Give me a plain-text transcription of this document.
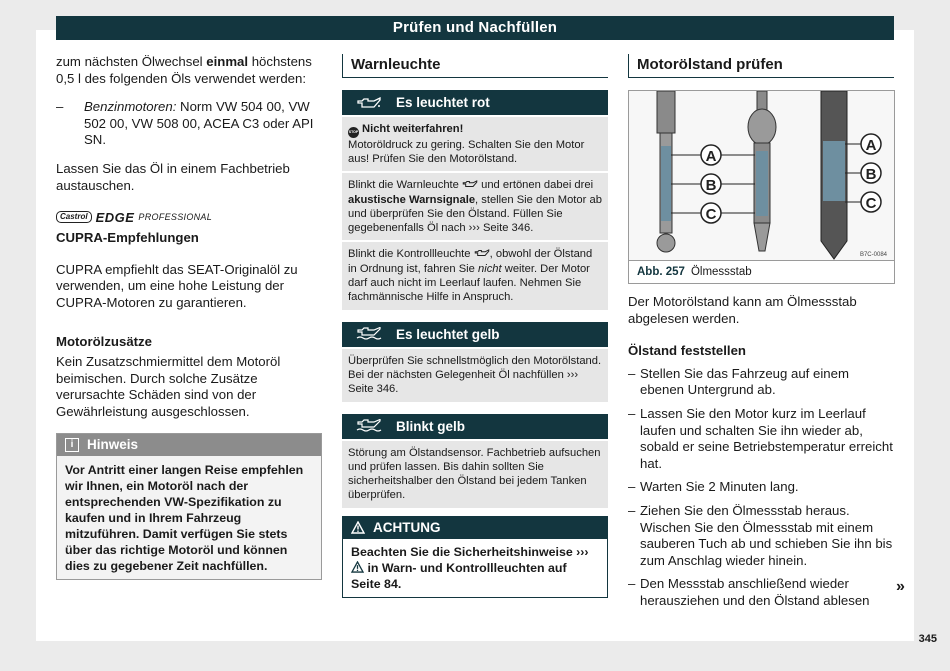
Prüfen und Nachfüllen

zum nächsten Ölwechsel einmal höchstens 0,5 l des folgenden Öls verwendet werden:

–	Benzinmotoren: Norm VW 504 00, VW 502 00, VW 508 00, ACEA C3 oder API SN.

Lassen Sie das Öl in einem Fachbetrieb austauschen.

Castrol EDGE PROFESSIONAL

CUPRA-Empfehlungen

CUPRA empfiehlt das SEAT-Originalöl zu verwenden, um eine hohe Leistung der CUPRA-Motoren zu garantieren.

Motorölzusätze

Kein Zusatzschmiermittel dem Motoröl beimischen. Durch solche Zusätze verursachte Schäden sind von der Gewährleistung ausgeschlossen.

i	Hinweis
Vor Antritt einer langen Reise empfehlen wir Ihnen, ein Motoröl nach der entsprechenden VW-Spezifikation zu kaufen und in Ihrem Fahrzeug mitzuführen. Damit verfügen Sie stets über das richtige Motoröl und können dies zu gegebener Zeit nachfüllen.
Warnleuchte
Es leuchtet rot
STOP Nicht weiterfahren!
Motoröldruck zu gering. Schalten Sie den Motor aus! Prüfen Sie den Motorölstand.
Blinkt die Warnleuchte  und ertönen dabei drei akustische Warnsignale, stellen Sie den Motor ab und überprüfen Sie den Ölstand. Füllen Sie gegebenenfalls Öl nach ››› Seite 346.
Blinkt die Kontrollleuchte , obwohl der Ölstand in Ordnung ist, fahren Sie nicht weiter. Der Motor darf auch nicht im Leerlauf laufen. Nehmen Sie fachmännische Hilfe in Anspruch.
Es leuchtet gelb
Überprüfen Sie schnellstmöglich den Motorölstand. Bei der nächsten Gelegenheit Öl nachfüllen ››› Seite 346.
Blinkt gelb
Störung am Ölstandsensor. Fachbetrieb aufsuchen und prüfen lassen. Bis dahin sollten Sie sicherheitshalber den Ölstand bei jedem Tanken überprüfen.
ACHTUNG
Beachten Sie die Sicherheitshinweise ›››  in Warn- und Kontrollleuchten auf Seite 84.
Motorölstand prüfen
A
B
C
A
B
C
B7C-0084
Abb. 257 Ölmessstab

Der Motorölstand kann am Ölmessstab abgelesen werden.

Ölstand feststellen

– Stellen Sie das Fahrzeug auf einem ebenen Untergrund ab.
– Lassen Sie den Motor kurz im Leerlauf laufen und schalten Sie ihn wieder ab, sobald er seine Betriebstemperatur erreicht hat.
– Warten Sie 2 Minuten lang.
– Ziehen Sie den Ölmessstab heraus. Wischen Sie den Ölmessstab mit einem sauberen Tuch ab und schieben Sie ihn bis zum Anschlag wieder hinein.
– Den Messstab anschließend wieder herausziehen und den Ölstand ablesen
»
345
